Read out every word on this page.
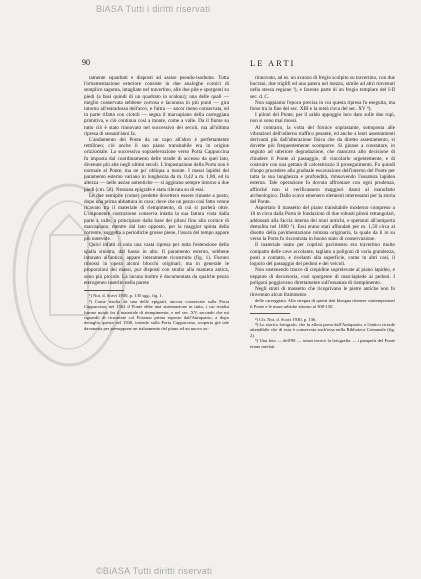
BiASA Tutti i diritti riservati
90	LE ARTI

tamente squadrati e disposti ad assise pseudo-isodome. Tutta l'ornamentazione esteriore consiste in due analoghe cornici di semplice sagoma, intagliate nel travertino, alle due pile e sporgenti su piedi (a basi quindi di un quadrato in scaloni); una delle quali — meglio conservata sebbene corrosa e lacunosa in più punti — gira intorno all'estradossa dell'arco, e l'altra — ancor meno conservata, ed in parte rifatta con ciotoli — segna il marcapiano della carreggiata primitiva, e ciò continua così a monte, come a valle. Da il fiume su tutto ciò è stato rinnovato nel successivo dei secoli, ma all'ultima ripresa di sessant'anni fa.

L'andamento del Ponte da un capo all'altro è perfettamente rettilineo; ciò anche il suo piano transitabile era in origine orizzontale. La successiva sopraelevazione verso Porta Cappuccina fu imposta dal coordinamento delle strade di accesso da quel lato, divenute più alte negli ultimi secoli. L'impostazione della Porta non è normale al Ponte, ma ne po' obliqua a monte. I massi lapidei del paramento esterno variano in lunghezza da m. 0,42 a m. 1,80, ed in altezza — nelle assise autentiche — si aggirano sempre intorno a due piedi (cm. 58). Nessuna epigrafe è stata rilevata su di essi.

Le due semipile (come) predette dovettero essere rimaste a posto, dopo una prima abbattura in cava; dove che un pezzo così fatto venne ricavato tra il materiale di riempimento, di cui si parlerà oltre. L'imponente costruzione conserva intatta la sua fattura vista dalla parte a valle, a principiare dalla base dei piloni fino alla cornice di marcapiano, mentre dal lato opposto, per la maggior spinta della corrente, soggetta a periodiche grosse piene, l'usura del tempo appare più notevole.

Quivi infatti si nota una vasta ripresa per tutta l'estensione della spalla sinistra, dal basso in alto. Il paramento esterno, sebbene intonato all'antico, appare interamente ricostruito (fig. 1). Furono rimossi in opera alcuni blocchi originari; ma in generale le proporzioni dei massi, pur disposti con studio alla maniera antica, sono più piccole. La lacuna inoltre è documentata da qualche pezzo eterogeneo inserito nella parete

¹) Not. d. Scavi 1930, p. 135 sgg., fig. 1.

²) Come risulta da una delle epigrafi, ancora conservate sulla Porta Cappuccina, nel 1562 il Ponte ebbe una sistemazione in tutto, i cui residui furono notati fra il materiale di riempimento; e nel sec. XV, secondo che mi riguardò di ricorrente col Forzano prima esposto dall'Antiquario, a dopo dettaglio questa nel 1930, traendo sulla Porta Cappuccina, scoperta già tale davanzata per presuppone un rialzamento del piano ad un nuovo as-

rinnovato, ad es. un avanzo di fregio scolpito su travertino, con due bucrani, due triglifi ed una patera nel mezzo, simile ad altri rinvenuti nella stessa regione ³), e facente parte di un fregio templare del I-II sec. d. C.

Non sappiamo l'epoca precisa in cui questa ripresa fu eseguita, ma forse tra la fine del sec. XIII e la metà circa del sec. XV ⁴).

I piloni del Ponte, per il saldo appoggio loro dato sulle due rupi, non si sono mai mossi.

Al contrario, la volta del fornice soprastante, sottoposta alle vibrazioni dell'odierno traffico pesante, ed anche a lenti assestamenti derivanti più dall'alterazione fisica che da diretto assestamento, si dovette più frequentemente scomporre. Si giunse a constatare, in seguito ad ulteriore degradazione, che mancava allo decisione di chiudere il Ponte al passaggio, di vincolarlo urgentemente, e di costruire con una gettata di calcestruzzo il proseguimento. Fu quindi d'uopo procedere alla graduale escavazione dell'interno del Ponte per tutta la sua lunghezza e profondità, rimuovendo l'ossatura lapidea esterna. Tale operazione fu dovuta affrontare con ogni prudenza, affinché non si verificassero maggiori danni al manufatto archeologico. Dallo scavo emersero elementi interessanti per la storia del Ponte.

Asportato il massetto del piano transitabile moderno compreso a 10 m circa dalla Porta le fondazioni di due robusti piloni rettangolari, addossati alla faccia interna dei muri antichi, e spettanti all'antiporta demolita nel 1880 ⁵). Essi erano stati affondati per m. 1,50 circa al disotto della pavimentazione romana originaria, la quale da lì in su verso la Porta fu riscontrata in buono stato di conservazione.

Il materiale usato per coprirsi pavimento era travertino molto compatto delle cave accolante, tagliato a poligoni di varia grandezza, posti a contatto, e rivelanti alla superficie, come in altri casi, il logorio del passaggio dei pedoni e dei veicoli.

Non sostenendo tracce di crepidine soprelevate al piano lapideo, e neppure di decursoria, così sporgente di marciapiede ai pedoni. I poligoni poggiavano direttamente sull'ossatura di riempimento.

Negli strati di massetto che ricoprivano le pietre antiche non fu rinvenuto alcun frammento

delle carreggiata. Alla stregua di questi dati bisogna ritenere contemporanei il Ponte e le mura urbiche attorno al 300-150.

³) Cfr. Not. d. Scavi 1930, p. 136.

⁴) Lo storico fotografo, che fu allora presa dall'Antiquario, e l'antico ricorde attendibile che di essa è conservata anch'essa nella Biblioteca Comunale (fig. 2).

⁵) Una foto — dell'90 — senza invece la fotografia — i parapetti del Ponte erano merlati.

©BiASA Tutti diritti riservati
